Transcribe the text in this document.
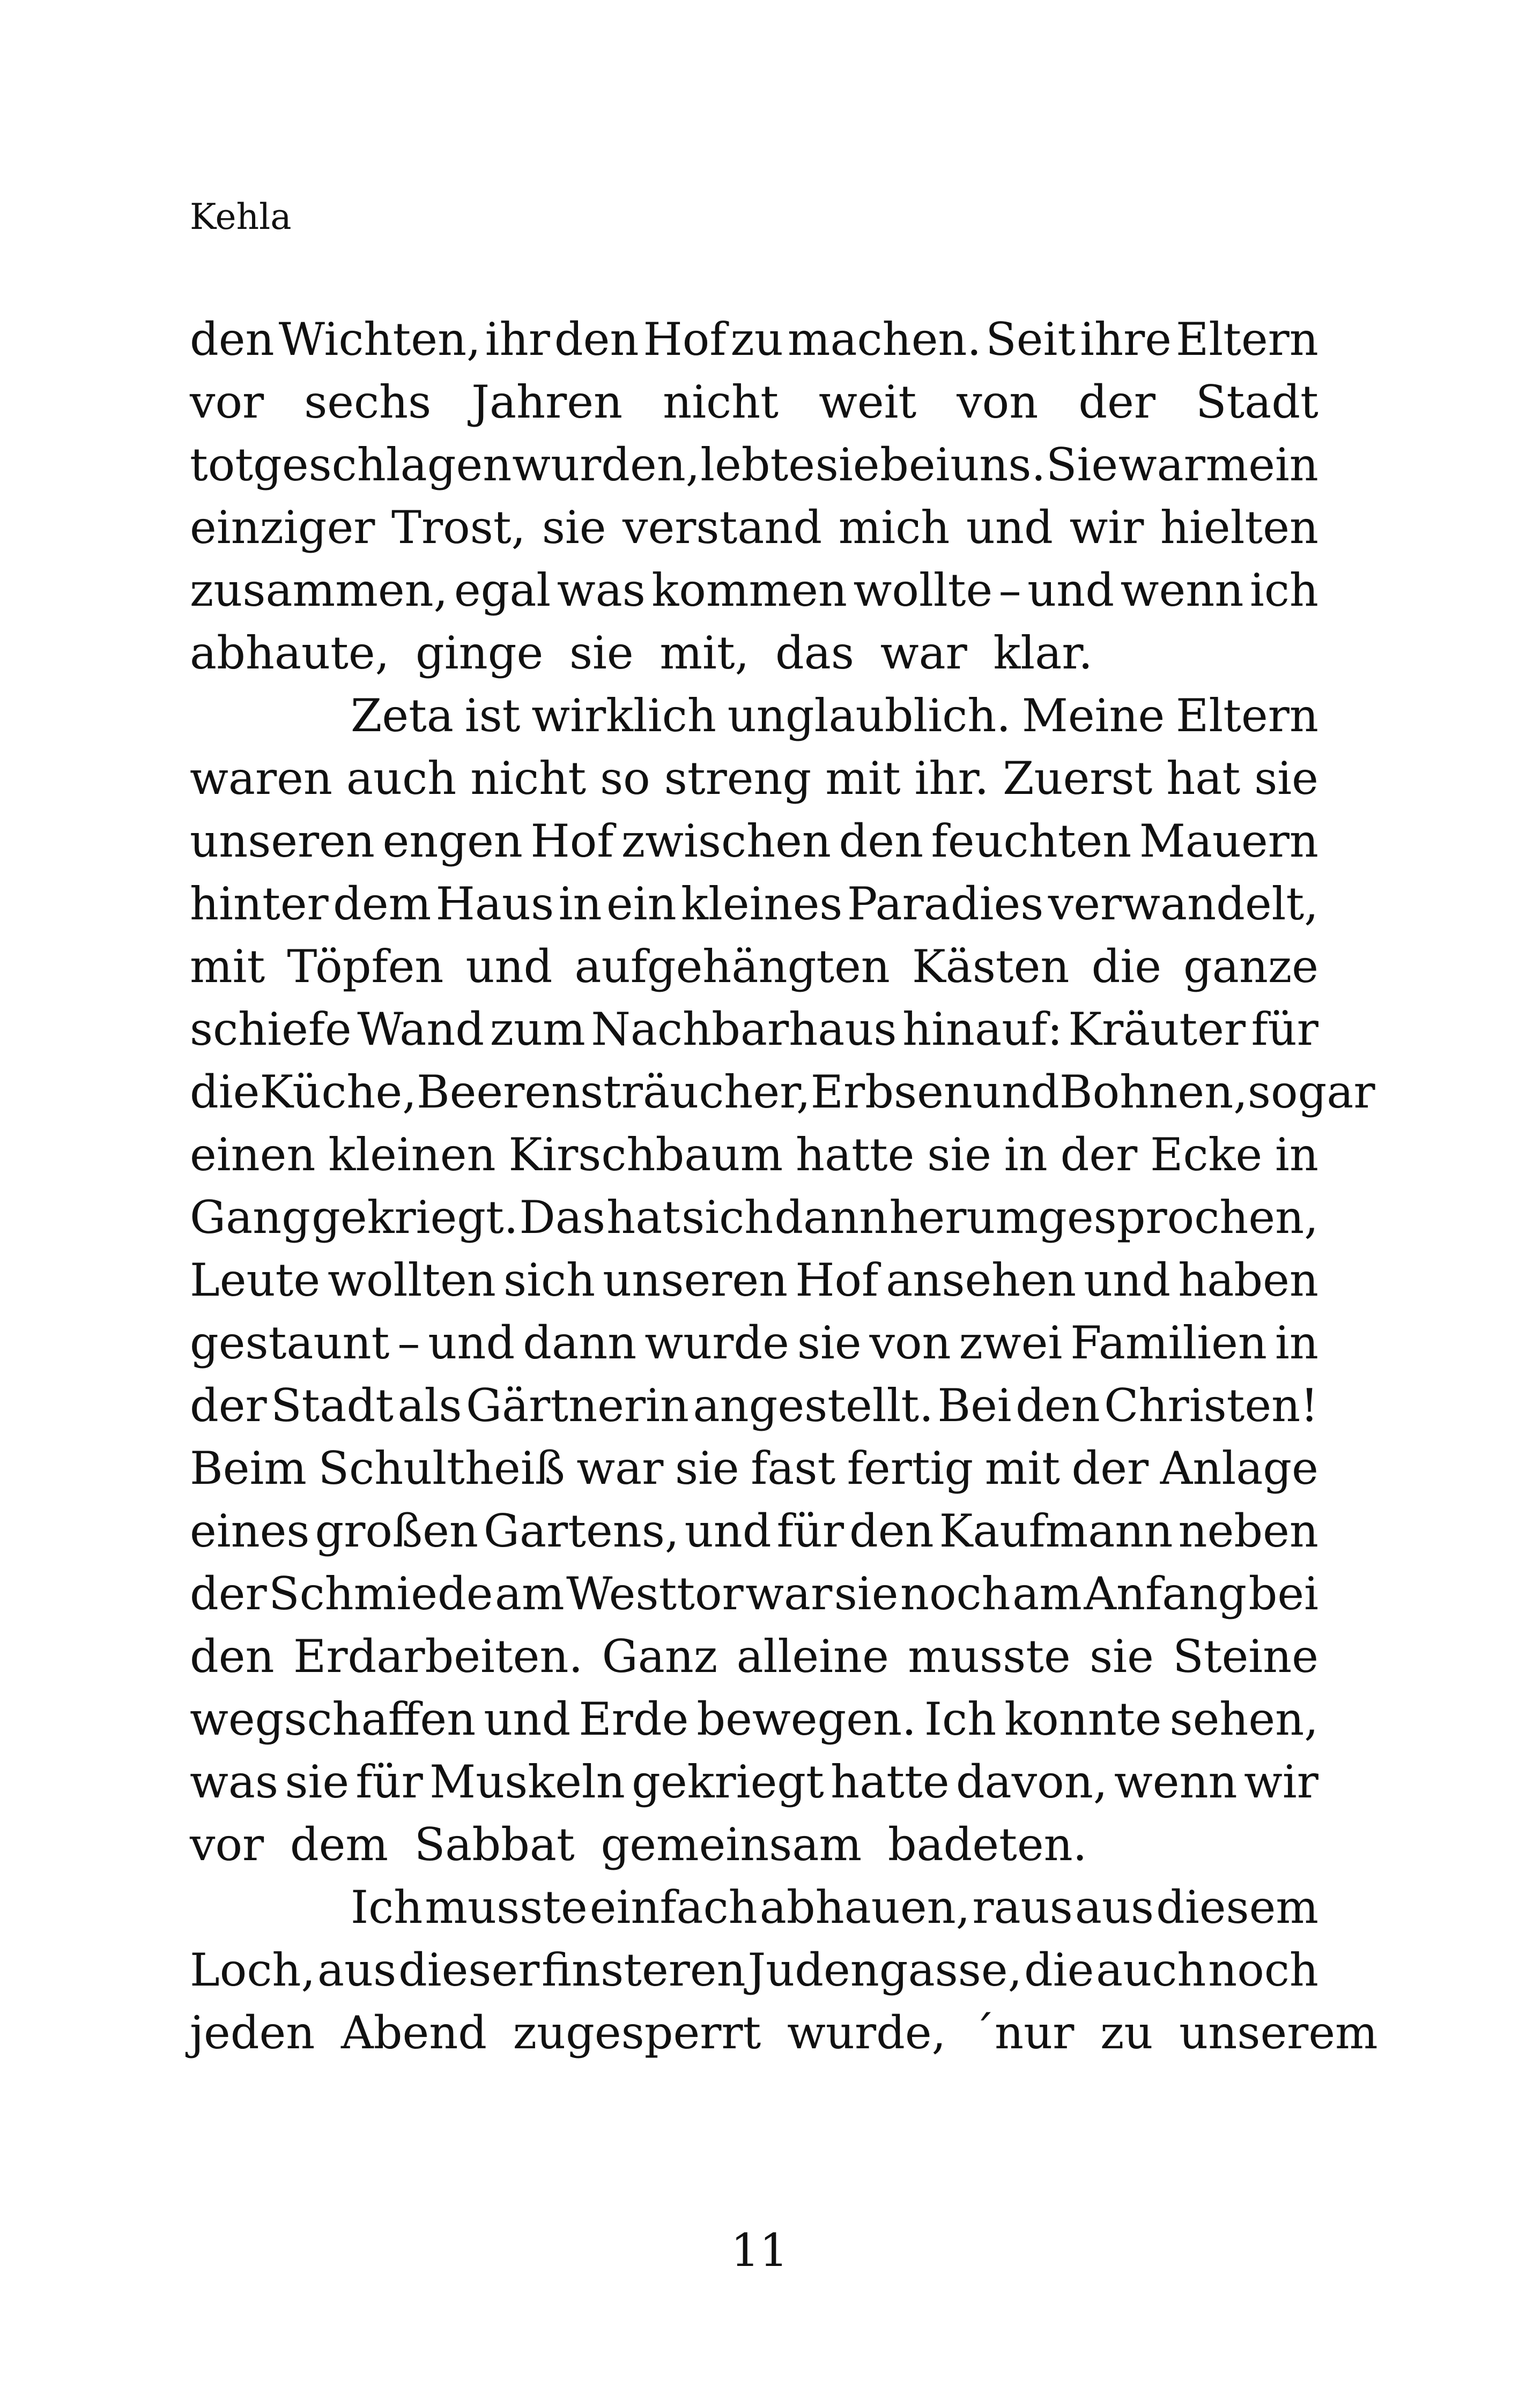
Kehla
den Wichten, ihr den Hof zu machen. Seit ihre Eltern
vor sechs Jahren nicht weit von der Stadt
totgeschlagen wurden, lebte sie bei uns. Sie war mein
einziger Trost, sie verstand mich und wir hielten
zusammen, egal was kommen wollte – und wenn ich
abhaute, ginge sie mit, das war klar.
Zeta ist wirklich unglaublich. Meine Eltern
waren auch nicht so streng mit ihr. Zuerst hat sie
unseren engen Hof zwischen den feuchten Mauern
hinter dem Haus in ein kleines Paradies verwandelt,
mit Töpfen und aufgehängten Kästen die ganze
schiefe Wand zum Nachbarhaus hinauf: Kräuter für
die Küche, Beerensträucher, Erbsen und Bohnen, sogar
einen kleinen Kirschbaum hatte sie in der Ecke in
Gang gekriegt. Das hat sich dann herumgesprochen,
Leute wollten sich unseren Hof ansehen und haben
gestaunt – und dann wurde sie von zwei Familien in
der Stadt als Gärtnerin angestellt. Bei den Christen!
Beim Schultheiß war sie fast fertig mit der Anlage
eines großen Gartens, und für den Kaufmann neben
der Schmiede am Westtor war sie noch am Anfang bei
den Erdarbeiten. Ganz alleine musste sie Steine
wegschaffen und Erde bewegen. Ich konnte sehen,
was sie für Muskeln gekriegt hatte davon, wenn wir
vor dem Sabbat gemeinsam badeten.
Ich musste einfach abhauen, raus aus diesem
Loch, aus dieser finsteren Judengasse, die auch noch
jeden Abend zugesperrt wurde, ´nur zu unserem
11
